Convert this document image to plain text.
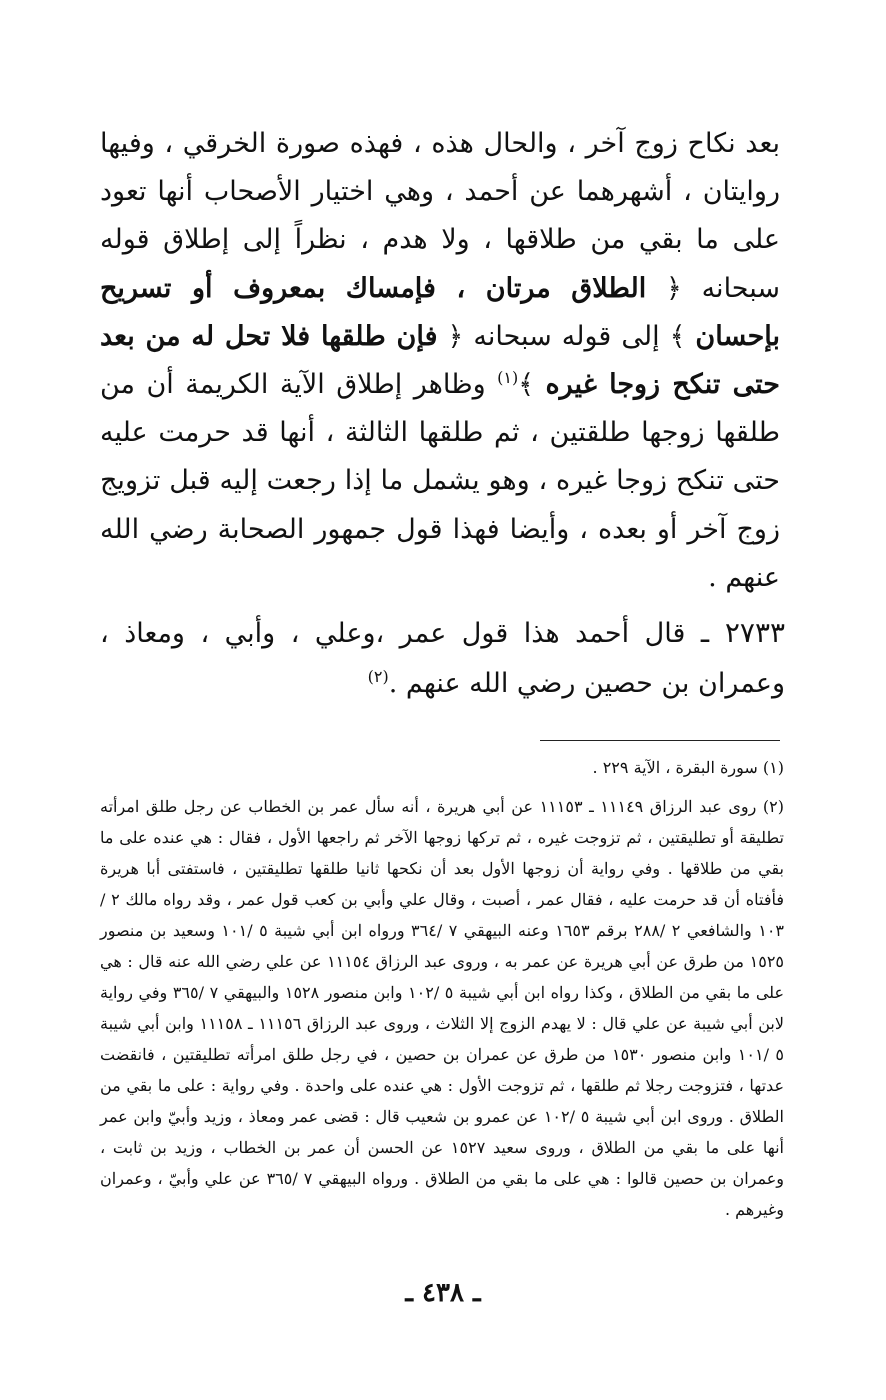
بعد نكاح زوج آخر ، والحال هذه ، فهذه صورة الخرقي ، وفيها روايتان ، أشهرهما عن أحمد ، وهي اختيار الأصحاب أنها تعود على ما بقي من طلاقها ، ولا هدم ، نظراً إلى إطلاق قوله سبحانه ﴿ الطلاق مرتان ، فإمساك بمعروف أو تسريح بإحسان ﴾ إلى قوله سبحانه ﴿ فإن طلقها فلا تحل له من بعد حتى تنكح زوجا غيره ﴾$^{(١)}$ وظاهر إطلاق الآية الكريمة أن من طلقها زوجها طلقتين ، ثم طلقها الثالثة ، أنها قد حرمت عليه حتى تنكح زوجا غيره ، وهو يشمل ما إذا رجعت إليه قبل تزويج زوج آخر أو بعده ، وأيضا فهذا قول جمهور الصحابة رضي الله عنهم .

٢٧٣٣ ـ قال أحمد هذا قول عمر ،وعلي ، وأبي ، ومعاذ ، وعمران بن حصين رضي الله عنهم .$^{(٢)}$

(١) سورة البقرة ، الآية ٢٢٩ .

(٢) روى عبد الرزاق ١١١٤٩ ـ ١١١٥٣ عن أبي هريرة ، أنه سأل عمر بن الخطاب عن رجل طلق امرأته تطليقة أو تطليقتين ، ثم تزوجت غيره ، ثم تركها زوجها الآخر ثم راجعها الأول ، فقال : هي عنده على ما بقي من طلاقها . وفي رواية أن زوجها الأول بعد أن نكحها ثانيا طلقها تطليقتين ، فاستفتى أبا هريرة فأفتاه أن قد حرمت عليه ، فقال عمر ، أصبت ، وقال علي وأبي بن كعب قول عمر ، وقد رواه مالك ٢ /١٠٣ والشافعي ٢ /٢٨٨ برقم ١٦٥٣ وعنه البيهقي ٧ /٣٦٤ ورواه ابن أبي شيبة ٥ /١٠١ وسعيد بن منصور ١٥٢٥ من طرق عن أبي هريرة عن عمر به ، وروى عبد الرزاق ١١١٥٤ عن علي رضي الله عنه قال : هي على ما بقي من الطلاق ، وكذا رواه ابن أبي شيبة ٥ /١٠٢ وابن منصور ١٥٢٨ والبيهقي ٧ /٣٦٥ وفي رواية لابن أبي شيبة عن علي قال : لا يهدم الزوج إلا الثلاث ، وروى عبد الرزاق ١١١٥٦ ـ ١١١٥٨ وابن أبي شيبة ٥ /١٠١ وابن منصور ١٥٣٠ من طرق عن عمران بن حصين ، في رجل طلق امرأته تطليقتين ، فانقضت عدتها ، فتزوجت رجلا ثم طلقها ، ثم تزوجت الأول : هي عنده على واحدة . وفي رواية : على ما بقي من الطلاق . وروى ابن أبي شيبة ٥ /١٠٢ عن عمرو بن شعيب قال : قضى عمر ومعاذ ، وزيد وأبيّ وابن عمر أنها على ما بقي من الطلاق ، وروى سعيد ١٥٢٧ عن الحسن أن عمر بن الخطاب ، وزيد بن ثابت ، وعمران بن حصين قالوا : هي على ما بقي من الطلاق . ورواه البيهقي ٧ /٣٦٥ عن علي وأبيّ ، وعمران وغيرهم .

ـ ٤٣٨ ـ
